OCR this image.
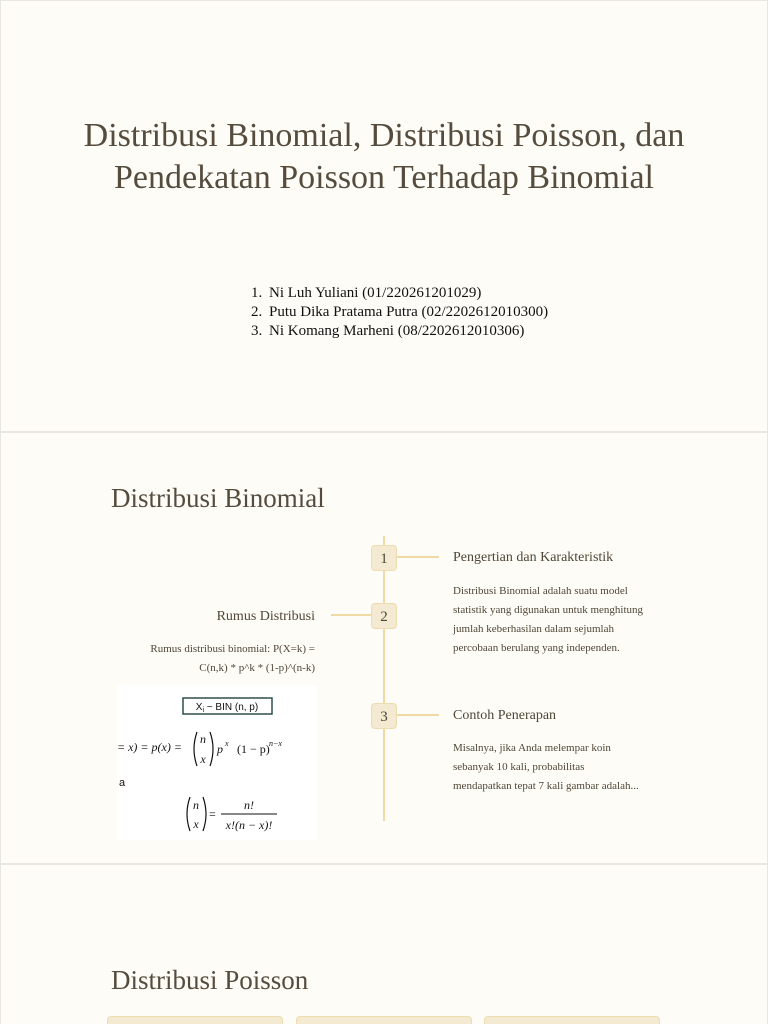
Distribusi Binomial, Distribusi Poisson, dan
Pendekatan Poisson Terhadap Binomial
1. Ni Luh Yuliani (01/220261201029)
2. Putu Dika Pratama Putra (02/2202612010300)
3. Ni Komang Marheni (08/2202612010306)
Distribusi Binomial
1	Pengertian dan Karakteristik
Distribusi Binomial adalah suatu model
statistik yang digunakan untuk menghitung
jumlah keberhasilan dalam sejumlah
percobaan berulang yang independen.
2
Rumus Distribusi
Rumus distribusi binomial: P(X=k) =
C(n,k) * p^k * (1-p)^(n-k)
$X_i$ ~ BIN (n, p)
= x) = p(x) =
n
x
p x (1 − p) n−x
a
n
x
=
n!
x!(n − x)!
3	Contoh Penerapan
Misalnya, jika Anda melempar koin
sebanyak 10 kali, probabilitas
mendapatkan tepat 7 kali gambar adalah...
Distribusi Poisson
